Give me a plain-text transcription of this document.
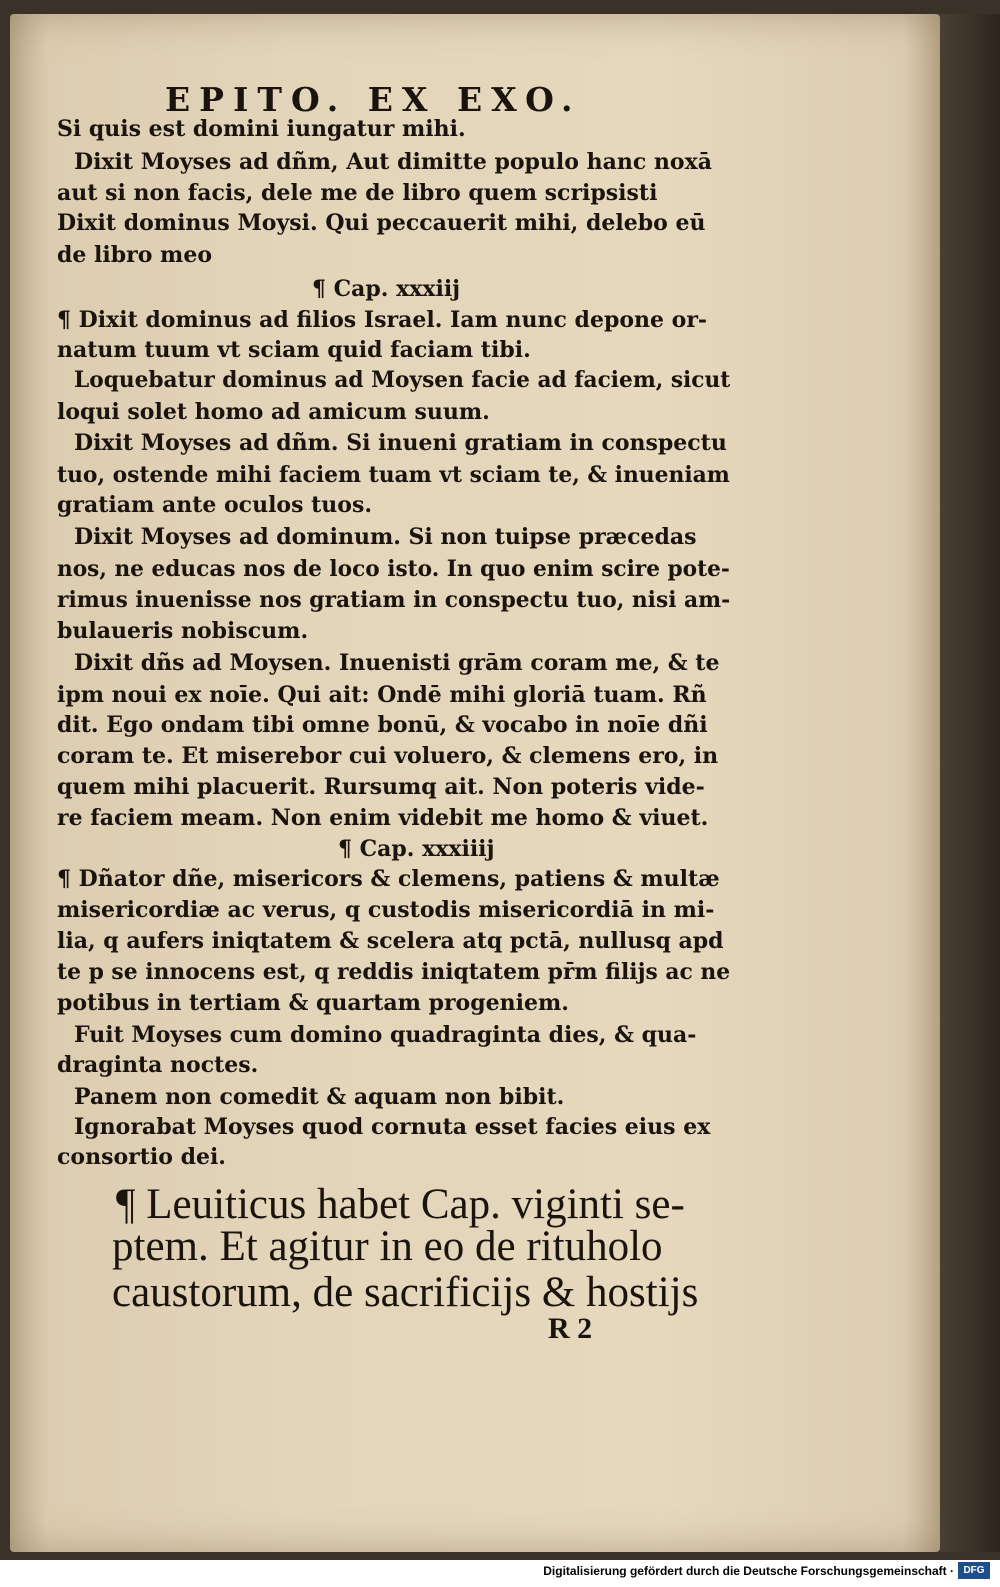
EPITO. EX EXO.
Si quis est domini iungatur mihi.
Dixit Moyses ad dñm, Aut dimitte populo hanc noxā
aut si non facis, dele me de libro quem scripsisti
Dixit dominus Moysi. Qui peccauerit mihi, delebo eū
de libro meo
¶ Cap. xxxiij
¶ Dixit dominus ad filios Israel. Iam nunc depone or-
natum tuum vt sciam quid faciam tibi.
Loquebatur dominus ad Moysen facie ad faciem, sicut
loqui solet homo ad amicum suum.
Dixit Moyses ad dñm. Si inueni gratiam in conspectu
tuo, ostende mihi faciem tuam vt sciam te, & inueniam
gratiam ante oculos tuos.
Dixit Moyses ad dominum. Si non tuipse præcedas
nos, ne educas nos de loco isto. In quo enim scire pote-
rimus inuenisse nos gratiam in conspectu tuo, nisi am-
bulaueris nobiscum.
Dixit dñs ad Moysen. Inuenisti grām coram me, & te
ipm noui ex noīe. Qui ait: Ondē mihi gloriā tuam. Rñ
dit. Ego ondam tibi omne bonū, & vocabo in noīe dñi
coram te. Et miserebor cui voluero, & clemens ero, in
quem mihi placuerit. Rursumq ait. Non poteris vide-
re faciem meam. Non enim videbit me homo & viuet.
¶ Cap. xxxiiij
¶ Dñator dñe, misericors & clemens, patiens & multæ
misericordiæ ac verus, q custodis misericordiā in mi-
lia, q aufers iniqtatem & scelera atq pctā, nullusq apd
te p se innocens est, q reddis iniqtatem pr̄m filijs ac ne
potibus in tertiam & quartam progeniem.
Fuit Moyses cum domino quadraginta dies, & qua-
draginta noctes.
Panem non comedit & aquam non bibit.
Ignorabat Moyses quod cornuta esset facies eius ex
consortio dei.
¶ Leuiticus habet Cap. viginti se-
ptem. Et agitur in eo de rituholo
caustorum, de sacrificijs & hostijs
R 2
Digitalisierung gefördert durch die Deutsche Forschungsgemeinschaft · DFG
